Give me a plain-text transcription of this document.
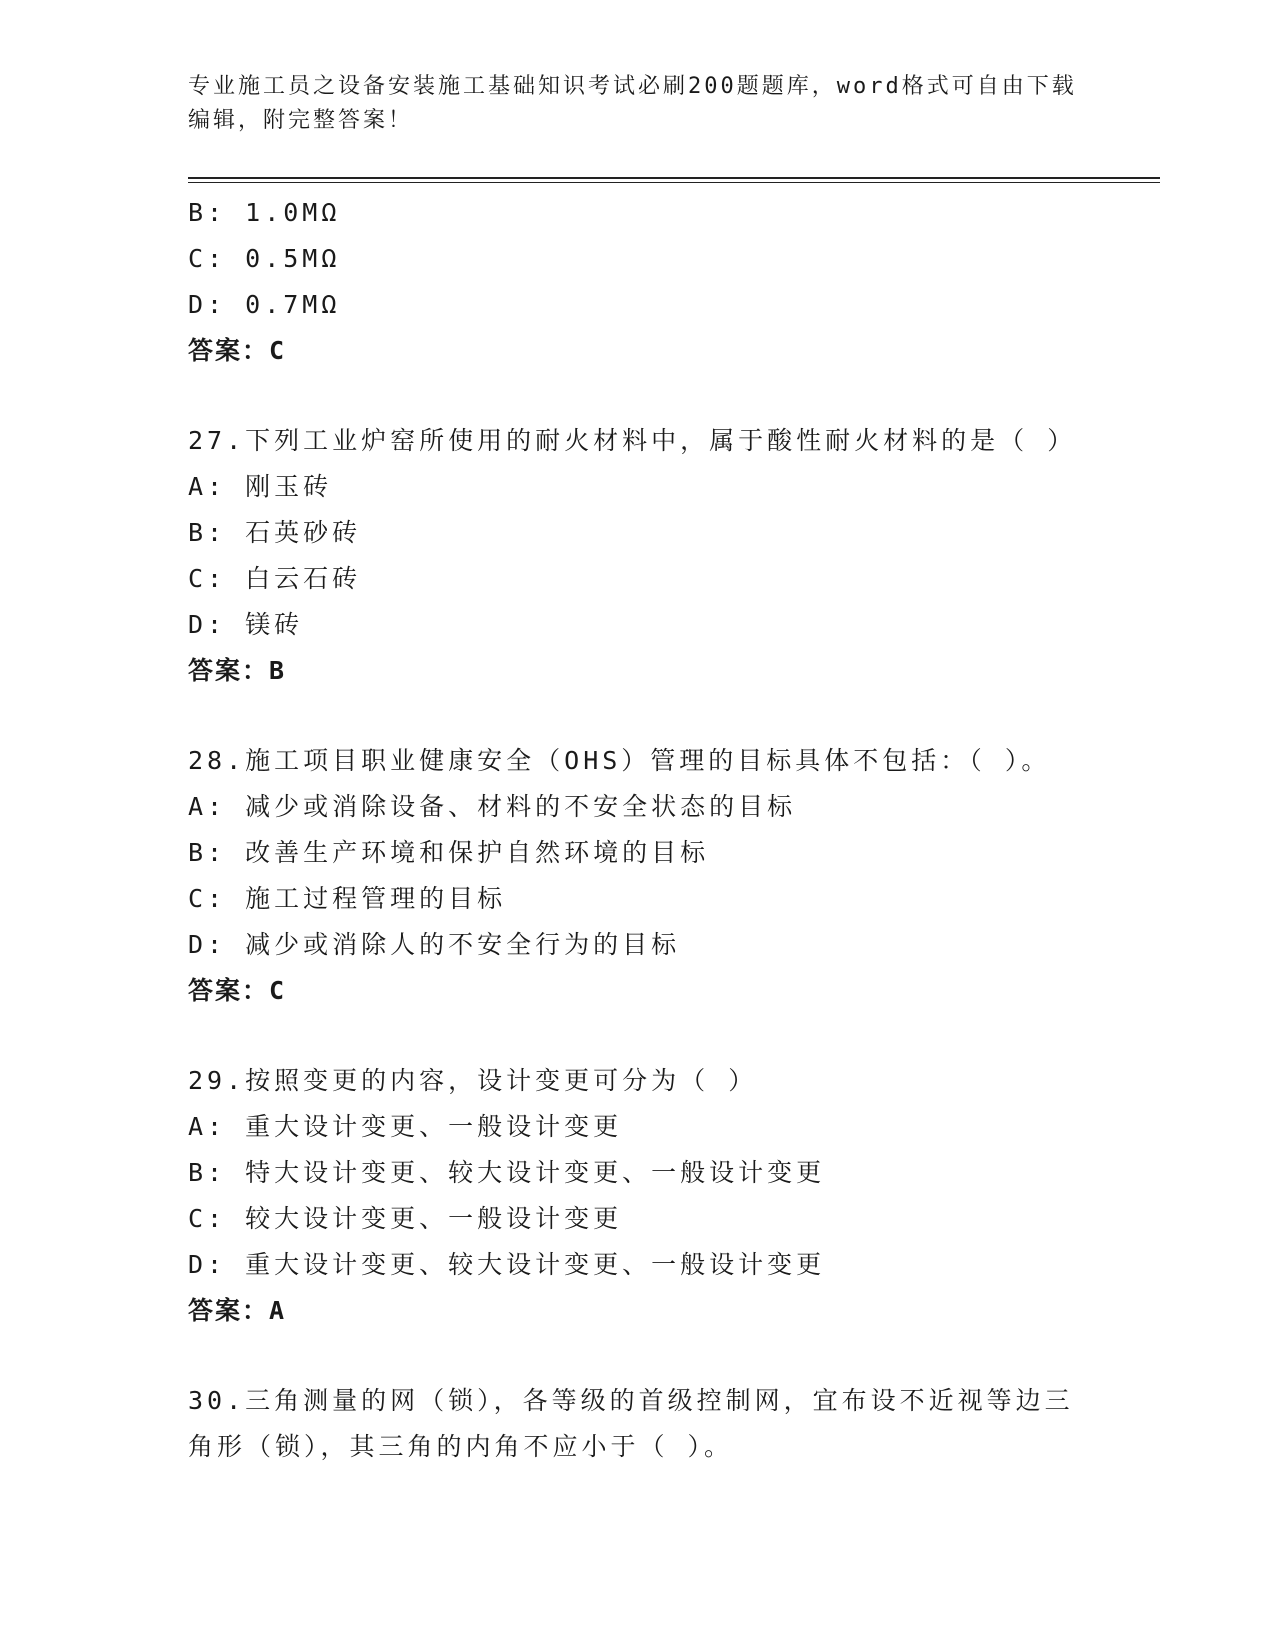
专业施工员之设备安装施工基础知识考试必刷200题题库，word格式可自由下载
编辑，附完整答案！
B: 1.0MΩ
C: 0.5MΩ
D: 0.7MΩ
答案：C
27.下列工业炉窑所使用的耐火材料中，属于酸性耐火材料的是（ ）
A: 刚玉砖
B: 石英砂砖
C: 白云石砖
D: 镁砖
答案：B
28.施工项目职业健康安全（OHS）管理的目标具体不包括：（ ）。
A: 减少或消除设备、材料的不安全状态的目标
B: 改善生产环境和保护自然环境的目标
C: 施工过程管理的目标
D: 减少或消除人的不安全行为的目标
答案：C
29.按照变更的内容，设计变更可分为（ ）
A: 重大设计变更、一般设计变更
B: 特大设计变更、较大设计变更、一般设计变更
C: 较大设计变更、一般设计变更
D: 重大设计变更、较大设计变更、一般设计变更
答案：A
30.三角测量的网（锁），各等级的首级控制网，宜布设不近视等边三
角形（锁），其三角的内角不应小于（ ）。
